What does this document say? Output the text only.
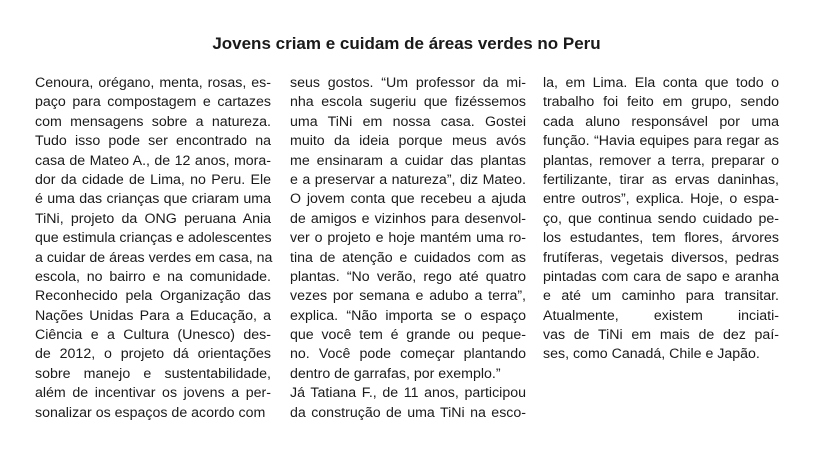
Jovens criam e cuidam de áreas verdes no Peru
Cenoura, orégano, menta, rosas, es-
paço para compostagem e cartazes
com mensagens sobre a natureza.
Tudo isso pode ser encontrado na
casa de Mateo A., de 12 anos, mora-
dor da cidade de Lima, no Peru. Ele
é uma das crianças que criaram uma
TiNi, projeto da ONG peruana Ania
que estimula crianças e adolescentes
a cuidar de áreas verdes em casa, na
escola, no bairro e na comunidade.
Reconhecido pela Organização das
Nações Unidas Para a Educação, a
Ciência e a Cultura (Unesco) des-
de 2012, o projeto dá orientações
sobre manejo e sustentabilidade,
além de incentivar os jovens a per-
sonalizar os espaços de acordo com
seus gostos. “Um professor da mi-
nha escola sugeriu que fizéssemos
uma TiNi em nossa casa. Gostei
muito da ideia porque meus avós
me ensinaram a cuidar das plantas
e a preservar a natureza”, diz Mateo.
O jovem conta que recebeu a ajuda
de amigos e vizinhos para desenvol-
ver o projeto e hoje mantém uma ro-
tina de atenção e cuidados com as
plantas. “No verão, rego até quatro
vezes por semana e adubo a terra”,
explica. “Não importa se o espaço
que você tem é grande ou peque-
no. Você pode começar plantando
dentro de garrafas, por exemplo.”
Já Tatiana F., de 11 anos, participou
da construção de uma TiNi na esco-
la, em Lima. Ela conta que todo o
trabalho foi feito em grupo, sendo
cada aluno responsável por uma
função. “Havia equipes para regar as
plantas, remover a terra, preparar o
fertilizante, tirar as ervas daninhas,
entre outros”, explica. Hoje, o espa-
ço, que continua sendo cuidado pe-
los estudantes, tem flores, árvores
frutíferas, vegetais diversos, pedras
pintadas com cara de sapo e aranha
e até um caminho para transitar.
Atualmente, existem inciati-
vas de TiNi em mais de dez paí-
ses, como Canadá, Chile e Japão.
